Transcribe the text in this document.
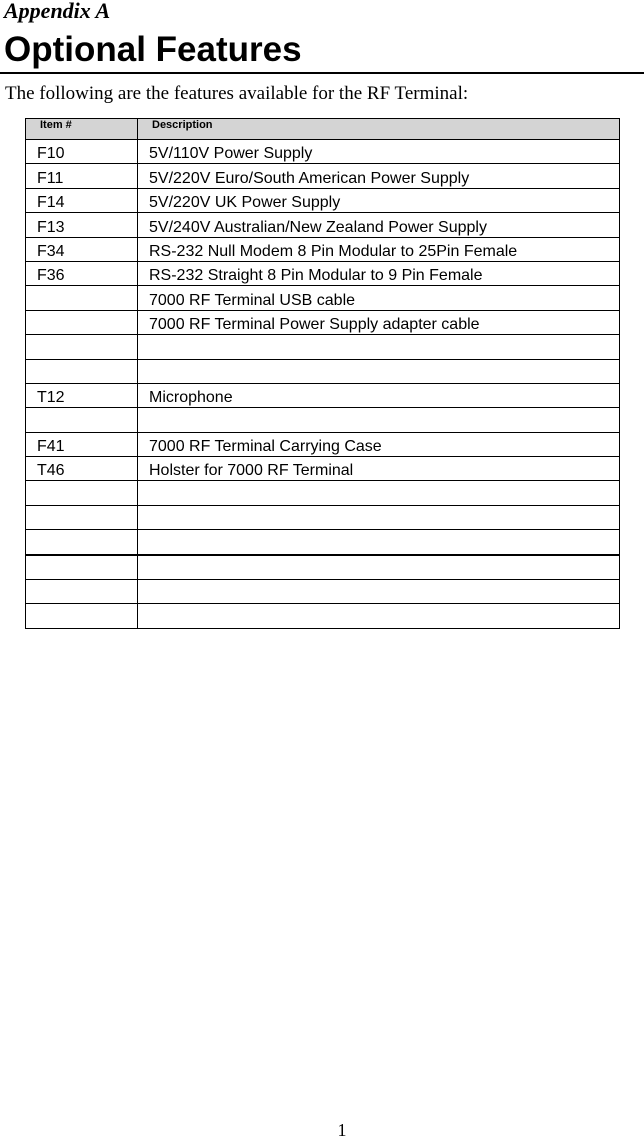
Appendix A
Optional Features
The following are the features available for the RF Terminal:
Item #	Description
F10	5V/110V Power Supply
F11	5V/220V Euro/South American Power Supply
F14	5V/220V UK Power Supply
F13	5V/240V Australian/New Zealand Power Supply
F34	RS-232 Null Modem 8 Pin Modular to 25Pin Female
F36	RS-232 Straight 8 Pin Modular to 9 Pin Female
	7000 RF Terminal USB cable
	7000 RF Terminal Power Supply adapter cable

T12	Microphone

F41	7000 RF Terminal Carrying Case
T46	Holster for 7000 RF Terminal

1
